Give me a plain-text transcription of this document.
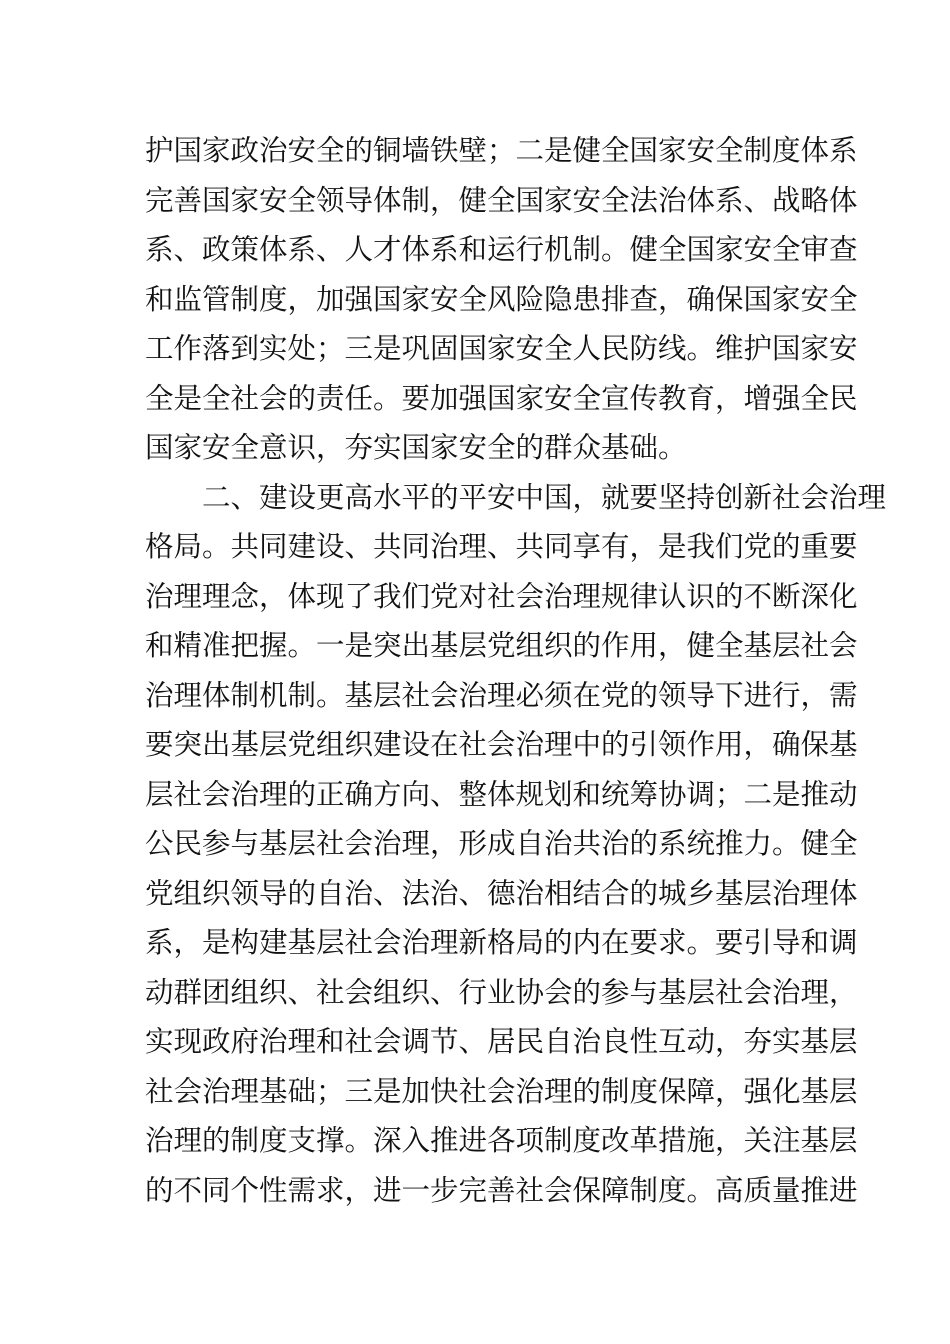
护国家政治安全的铜墙铁壁；二是健全国家安全制度体系
完善国家安全领导体制，健全国家安全法治体系、战略体
系、政策体系、人才体系和运行机制。健全国家安全审查
和监管制度，加强国家安全风险隐患排查，确保国家安全
工作落到实处；三是巩固国家安全人民防线。维护国家安
全是全社会的责任。要加强国家安全宣传教育，增强全民
国家安全意识，夯实国家安全的群众基础。
　　二、建设更高水平的平安中国，就要坚持创新社会治理
格局。共同建设、共同治理、共同享有，是我们党的重要
治理理念，体现了我们党对社会治理规律认识的不断深化
和精准把握。一是突出基层党组织的作用，健全基层社会
治理体制机制。基层社会治理必须在党的领导下进行，需
要突出基层党组织建设在社会治理中的引领作用，确保基
层社会治理的正确方向、整体规划和统筹协调；二是推动
公民参与基层社会治理，形成自治共治的系统推力。健全
党组织领导的自治、法治、德治相结合的城乡基层治理体
系，是构建基层社会治理新格局的内在要求。要引导和调
动群团组织、社会组织、行业协会的参与基层社会治理，
实现政府治理和社会调节、居民自治良性互动，夯实基层
社会治理基础；三是加快社会治理的制度保障，强化基层
治理的制度支撑。深入推进各项制度改革措施，关注基层
的不同个性需求，进一步完善社会保障制度。高质量推进
